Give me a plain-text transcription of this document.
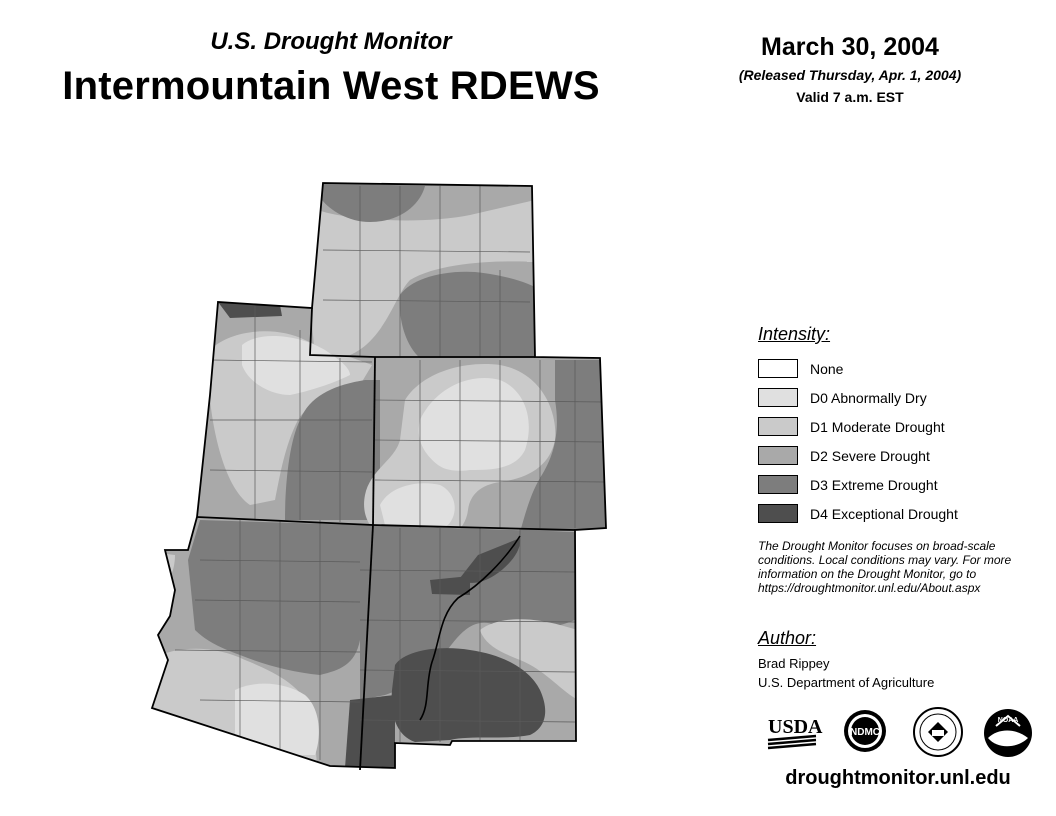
U.S. Drought Monitor
Intermountain West RDEWS
March 30, 2004
(Released Thursday, Apr. 1, 2004)
Valid 7 a.m. EST
Intensity:
None
D0 Abnormally Dry
D1 Moderate Drought
D2 Severe Drought
D3 Extreme Drought
D4 Exceptional Drought
The Drought Monitor focuses on broad-scale conditions. Local conditions may vary. For more information on the Drought Monitor, go to https://droughtmonitor.unl.edu/About.aspx
Author:
Brad Rippey
U.S. Department of Agriculture
USDA	NDMC
NOAA
droughtmonitor.unl.edu
